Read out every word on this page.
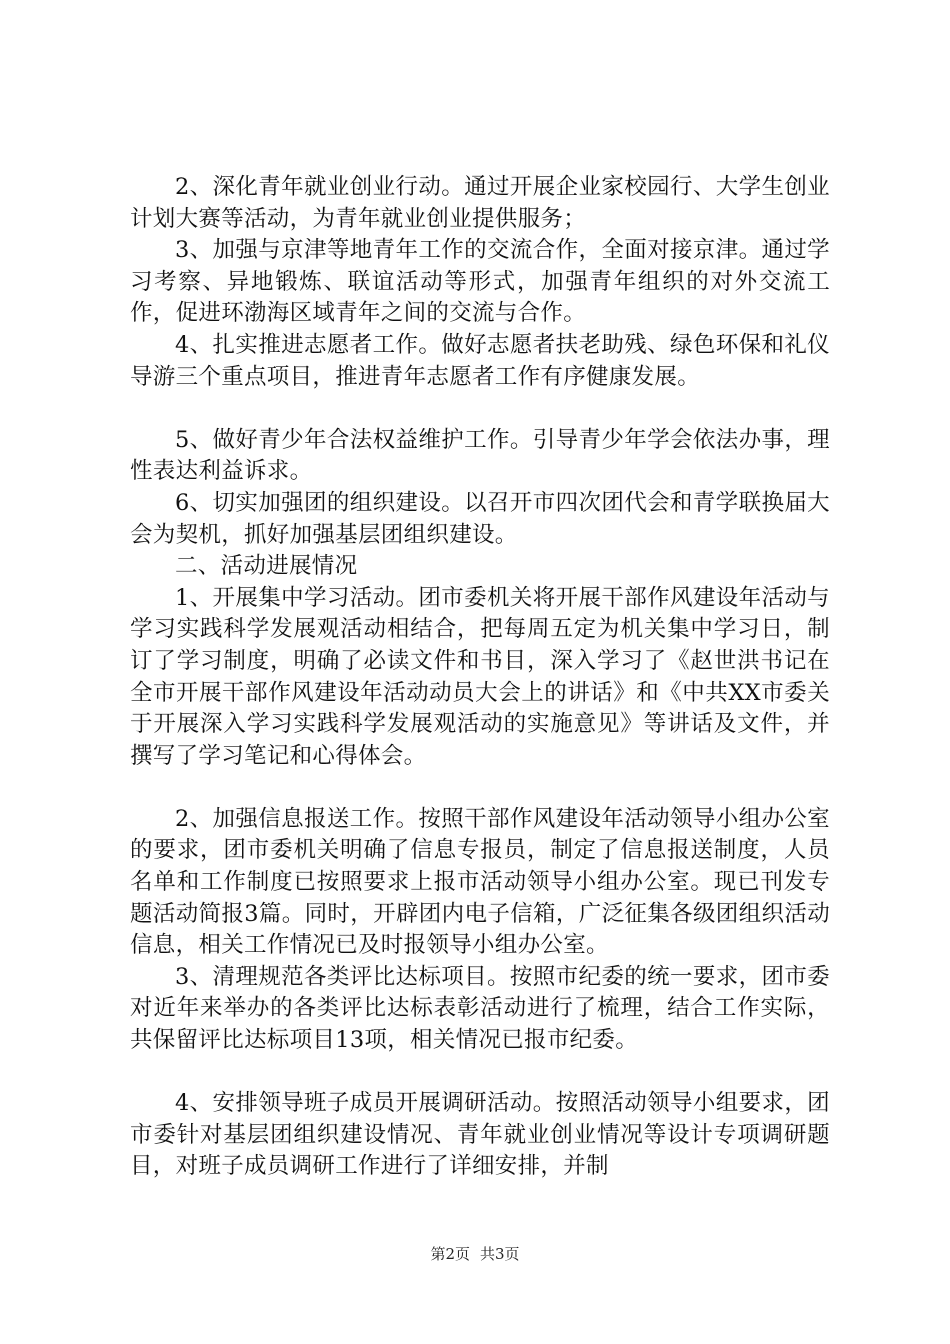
2、深化青年就业创业行动。通过开展企业家校园行、大学生创业计划大赛等活动，为青年就业创业提供服务；

3、加强与京津等地青年工作的交流合作，全面对接京津。通过学习考察、异地锻炼、联谊活动等形式，加强青年组织的对外交流工作，促进环渤海区域青年之间的交流与合作。

4、扎实推进志愿者工作。做好志愿者扶老助残、绿色环保和礼仪导游三个重点项目，推进青年志愿者工作有序健康发展。

5、做好青少年合法权益维护工作。引导青少年学会依法办事，理性表达利益诉求。

6、切实加强团的组织建设。以召开市四次团代会和青学联换届大会为契机，抓好加强基层团组织建设。

二、活动进展情况

1、开展集中学习活动。团市委机关将开展干部作风建设年活动与学习实践科学发展观活动相结合，把每周五定为机关集中学习日，制订了学习制度，明确了必读文件和书目，深入学习了《赵世洪书记在全市开展干部作风建设年活动动员大会上的讲话》和《中共XX市委关于开展深入学习实践科学发展观活动的实施意见》等讲话及文件，并撰写了学习笔记和心得体会。

2、加强信息报送工作。按照干部作风建设年活动领导小组办公室的要求，团市委机关明确了信息专报员，制定了信息报送制度，人员名单和工作制度已按照要求上报市活动领导小组办公室。现已刊发专题活动简报3篇。同时，开辟团内电子信箱，广泛征集各级团组织活动信息，相关工作情况已及时报领导小组办公室。

3、清理规范各类评比达标项目。按照市纪委的统一要求，团市委对近年来举办的各类评比达标表彰活动进行了梳理，结合工作实际，共保留评比达标项目13项，相关情况已报市纪委。

4、安排领导班子成员开展调研活动。按照活动领导小组要求，团市委针对基层团组织建设情况、青年就业创业情况等设计专项调研题目，对班子成员调研工作进行了详细安排，并制

第2页 共3页
